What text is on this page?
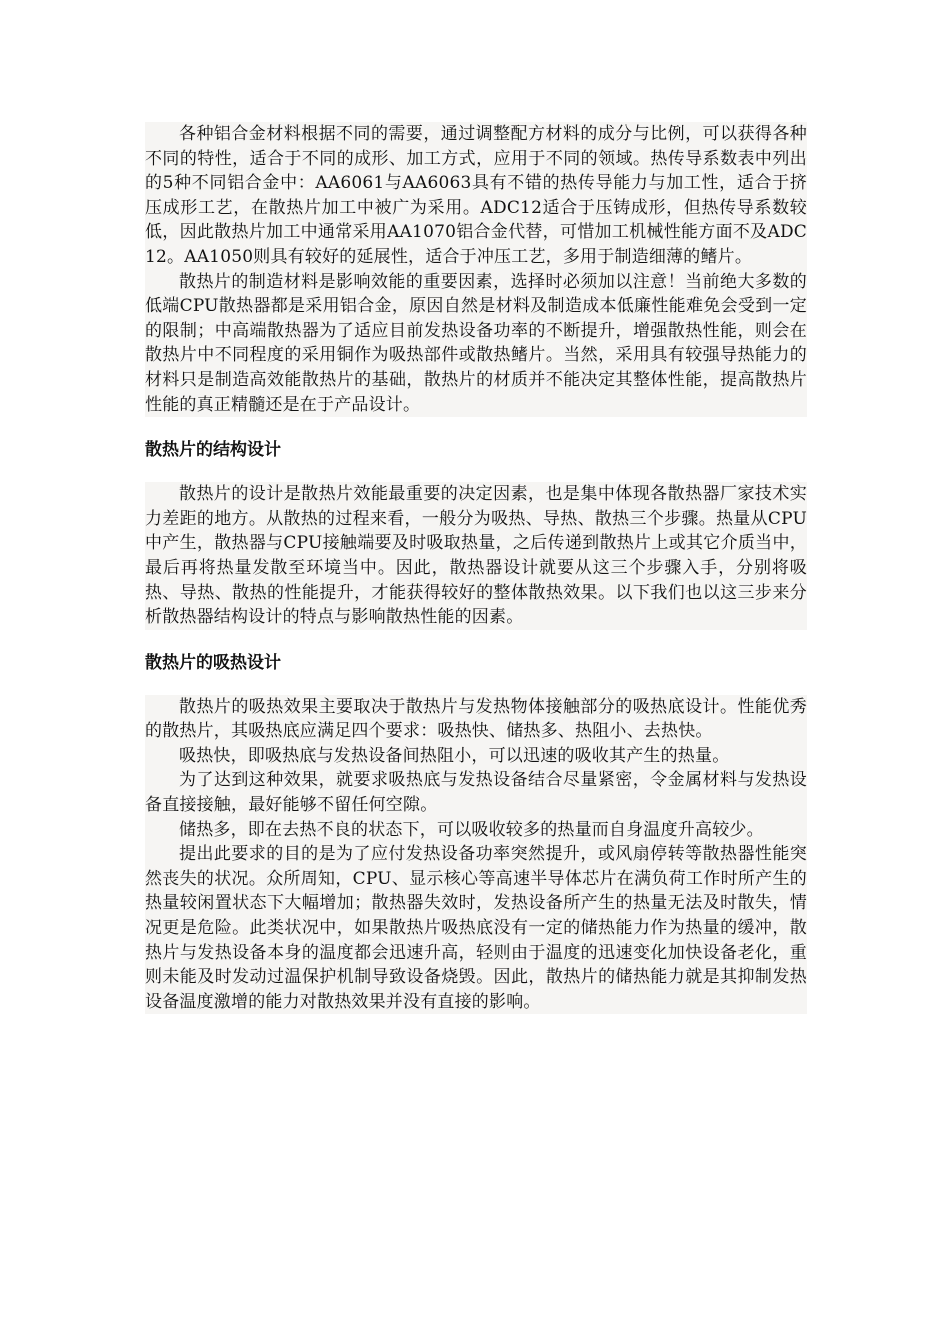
各种铝合金材料根据不同的需要，通过调整配方材料的成分与比例，可以获得各种不同的特性，适合于不同的成形、加工方式，应用于不同的领域。热传导系数表中列出的5种不同铝合金中：AA6061与AA6063具有不错的热传导能力与加工性，适合于挤压成形工艺，在散热片加工中被广为采用。ADC12适合于压铸成形，但热传导系数较低，因此散热片加工中通常采用AA1070铝合金代替，可惜加工机械性能方面不及ADC12。AA1050则具有较好的延展性，适合于冲压工艺，多用于制造细薄的鳍片。

散热片的制造材料是影响效能的重要因素，选择时必须加以注意！当前绝大多数的低端CPU散热器都是采用铝合金，原因自然是材料及制造成本低廉性能难免会受到一定的限制；中高端散热器为了适应目前发热设备功率的不断提升，增强散热性能，则会在散热片中不同程度的采用铜作为吸热部件或散热鳍片。当然，采用具有较强导热能力的材料只是制造高效能散热片的基础，散热片的材质并不能决定其整体性能，提高散热片性能的真正精髓还是在于产品设计。

散热片的结构设计

散热片的设计是散热片效能最重要的决定因素，也是集中体现各散热器厂家技术实力差距的地方。从散热的过程来看，一般分为吸热、导热、散热三个步骤。热量从CPU中产生，散热器与CPU接触端要及时吸取热量，之后传递到散热片上或其它介质当中，最后再将热量发散至环境当中。因此，散热器设计就要从这三个步骤入手，分别将吸热、导热、散热的性能提升，才能获得较好的整体散热效果。以下我们也以这三步来分析散热器结构设计的特点与影响散热性能的因素。

散热片的吸热设计

散热片的吸热效果主要取决于散热片与发热物体接触部分的吸热底设计。性能优秀的散热片，其吸热底应满足四个要求：吸热快、储热多、热阻小、去热快。

吸热快，即吸热底与发热设备间热阻小，可以迅速的吸收其产生的热量。

为了达到这种效果，就要求吸热底与发热设备结合尽量紧密，令金属材料与发热设备直接接触，最好能够不留任何空隙。

储热多，即在去热不良的状态下，可以吸收较多的热量而自身温度升高较少。

提出此要求的目的是为了应付发热设备功率突然提升，或风扇停转等散热器性能突然丧失的状况。众所周知，CPU、显示核心等高速半导体芯片在满负荷工作时所产生的热量较闲置状态下大幅增加；散热器失效时，发热设备所产生的热量无法及时散失，情况更是危险。此类状况中，如果散热片吸热底没有一定的储热能力作为热量的缓冲，散热片与发热设备本身的温度都会迅速升高，轻则由于温度的迅速变化加快设备老化，重则未能及时发动过温保护机制导致设备烧毁。因此，散热片的储热能力就是其抑制发热设备温度激增的能力对散热效果并没有直接的影响。
